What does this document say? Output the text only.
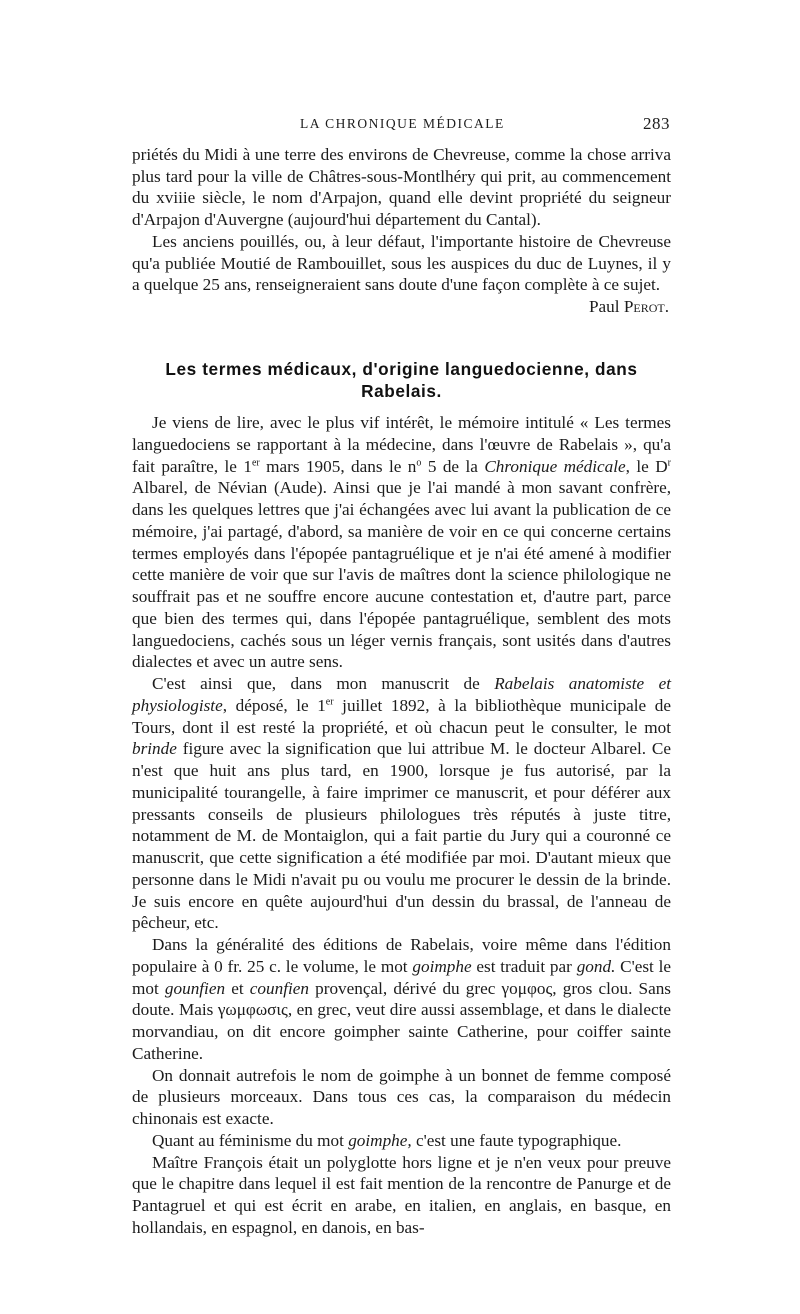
LA CHRONIQUE MÉDICALE	283

priétés du Midi à une terre des environs de Chevreuse, comme la chose arriva plus tard pour la ville de Châtres-sous-Montlhéry qui prit, au commencement du xviiie siècle, le nom d'Arpajon, quand elle devint propriété du seigneur d'Arpajon d'Auvergne (aujourd'hui département du Cantal).

Les anciens pouillés, ou, à leur défaut, l'importante histoire de Chevreuse qu'a publiée Moutié de Rambouillet, sous les auspices du duc de Luynes, il y a quelque 25 ans, renseigneraient sans doute d'une façon complète à ce sujet.

Paul Perot.

Les termes médicaux, d'origine languedocienne, dans Rabelais.

Je viens de lire, avec le plus vif intérêt, le mémoire intitulé « Les termes languedociens se rapportant à la médecine, dans l'œuvre de Rabelais », qu'a fait paraître, le 1er mars 1905, dans le $n^o$ 5 de la Chronique médicale, le $D^r$ Albarel, de Névian (Aude). Ainsi que je l'ai mandé à mon savant confrère, dans les quelques lettres que j'ai échangées avec lui avant la publication de ce mémoire, j'ai partagé, d'abord, sa manière de voir en ce qui concerne certains termes employés dans l'épopée pantagruélique et je n'ai été amené à modifier cette manière de voir que sur l'avis de maîtres dont la science philologique ne souffrait pas et ne souffre encore aucune contestation et, d'autre part, parce que bien des termes qui, dans l'épopée pantagruélique, semblent des mots languedociens, cachés sous un léger vernis français, sont usités dans d'autres dialectes et avec un autre sens.

C'est ainsi que, dans mon manuscrit de Rabelais anatomiste et physiologiste, déposé, le 1er juillet 1892, à la bibliothèque municipale de Tours, dont il est resté la propriété, et où chacun peut le consulter, le mot brinde figure avec la signification que lui attribue M. le docteur Albarel. Ce n'est que huit ans plus tard, en 1900, lorsque je fus autorisé, par la municipalité tourangelle, à faire imprimer ce manuscrit, et pour déférer aux pressants conseils de plusieurs philologues très réputés à juste titre, notamment de M. de Montaiglon, qui a fait partie du Jury qui a couronné ce manuscrit, que cette signification a été modifiée par moi. D'autant mieux que personne dans le Midi n'avait pu ou voulu me procurer le dessin de la brinde. Je suis encore en quête aujourd'hui d'un dessin du brassal, de l'anneau de pêcheur, etc.

Dans la généralité des éditions de Rabelais, voire même dans l'édition populaire à 0 fr. 25 c. le volume, le mot goimphe est traduit par gond. C'est le mot gounfien et counfien provençal, dérivé du grec γομφος, gros clou. Sans doute. Mais γωμφωσις, en grec, veut dire aussi assemblage, et dans le dialecte morvandiau, on dit encore goimpher sainte Catherine, pour coiffer sainte Catherine.

On donnait autrefois le nom de goimphe à un bonnet de femme composé de plusieurs morceaux. Dans tous ces cas, la comparaison du médecin chinonais est exacte.

Quant au féminisme du mot goimphe, c'est une faute typographique.

Maître François était un polyglotte hors ligne et je n'en veux pour preuve que le chapitre dans lequel il est fait mention de la rencontre de Panurge et de Pantagruel et qui est écrit en arabe, en italien, en anglais, en basque, en hollandais, en espagnol, en danois, en bas-
